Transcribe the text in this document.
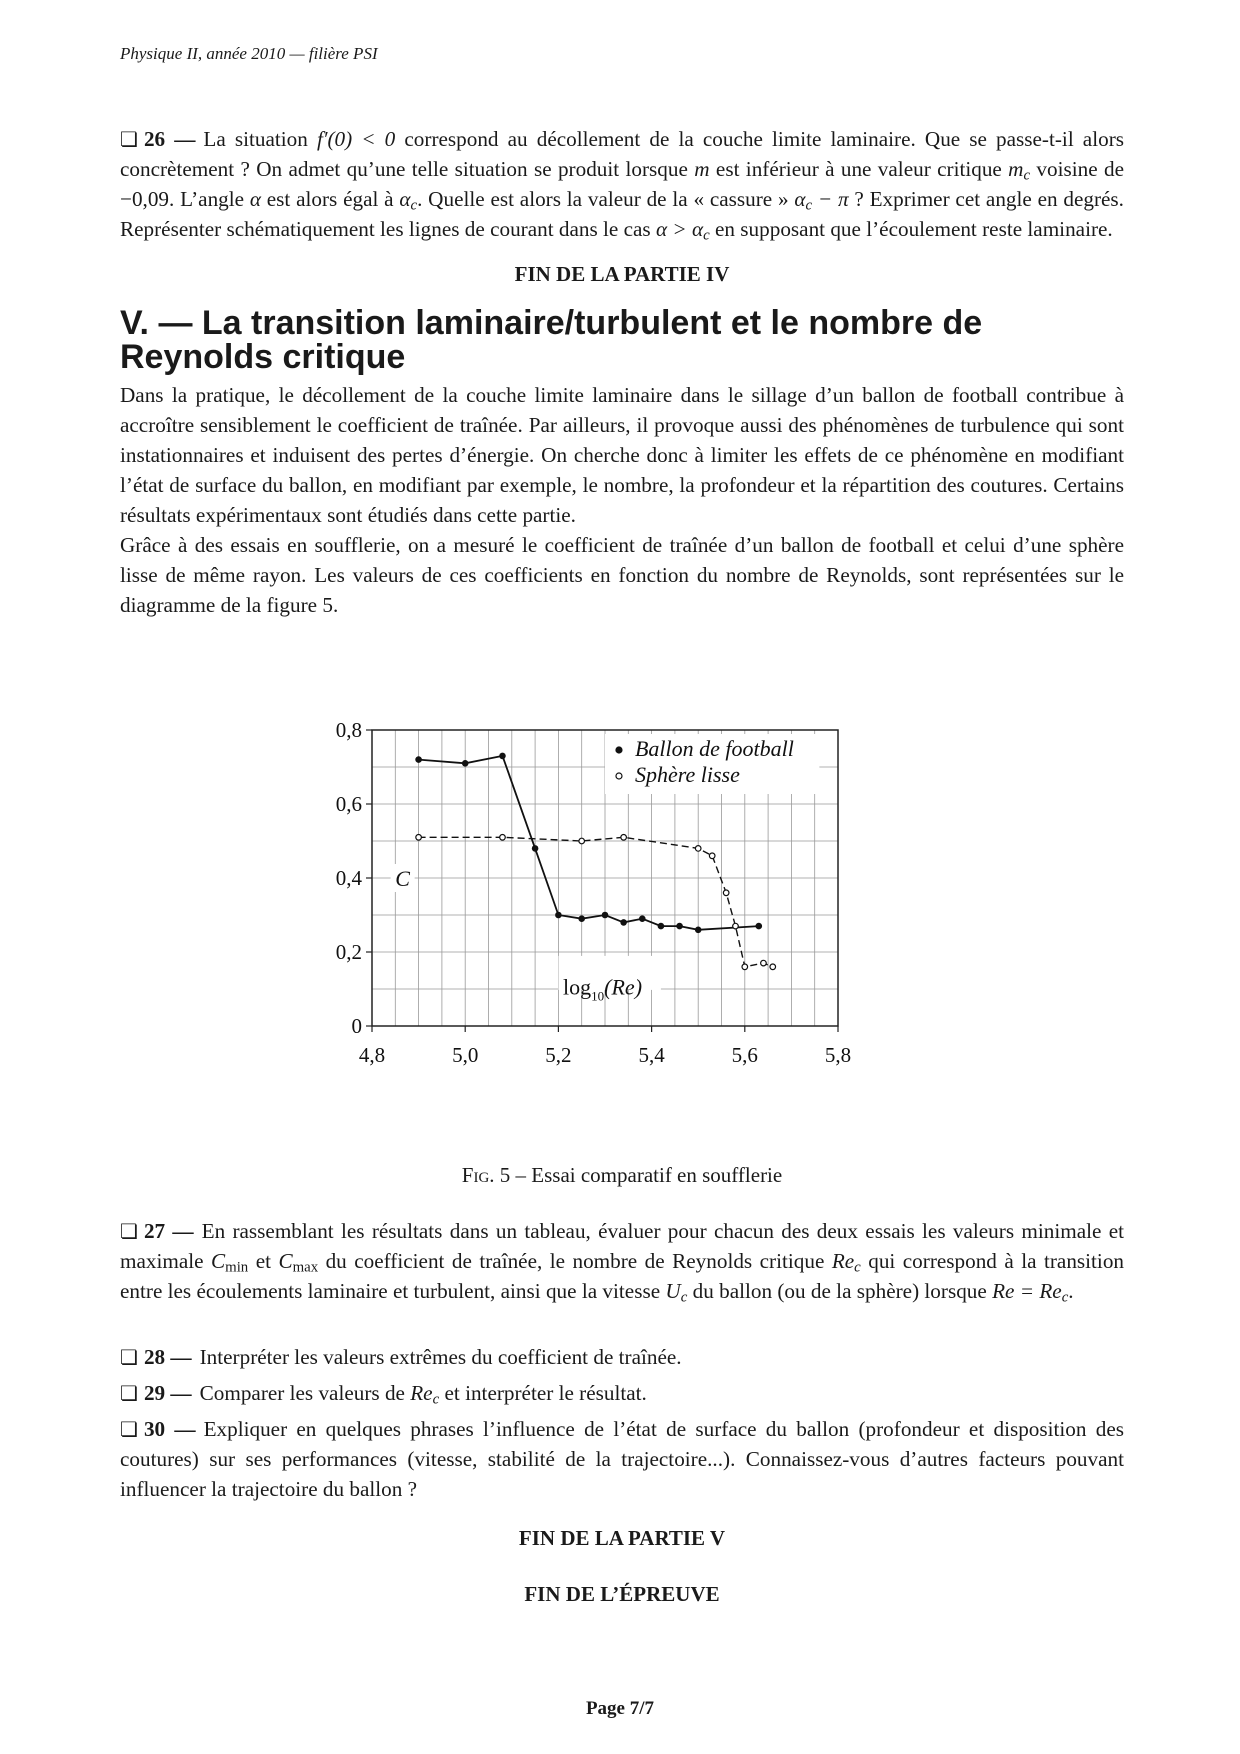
Physique II, année 2010 — filière PSI

❏ 26 — La situation f′(0) < 0 correspond au décollement de la couche limite laminaire. Que se passe-t-il alors concrètement ? On admet qu’une telle situation se produit lorsque m est inférieur à une valeur critique $m_c$ voisine de −0,09. L’angle α est alors égal à $\alpha_c$. Quelle est alors la valeur de la « cassure » $\alpha_c - \pi$ ? Exprimer cet angle en degrés. Représenter schématiquement les lignes de courant dans le cas $\alpha > \alpha_c$ en supposant que l’écoulement reste laminaire.

FIN DE LA PARTIE IV
V. — La transition laminaire/turbulent et le nombre de Reynolds critique

Dans la pratique, le décollement de la couche limite laminaire dans le sillage d’un ballon de football contribue à accroître sensiblement le coefficient de traînée. Par ailleurs, il provoque aussi des phénomènes de turbulence qui sont instationnaires et induisent des pertes d’énergie. On cherche donc à limiter les effets de ce phénomène en modifiant l’état de surface du ballon, en modifiant par exemple, le nombre, la profondeur et la répartition des coutures. Certains résultats expérimentaux sont étudiés dans cette partie.

Grâce à des essais en soufflerie, on a mesuré le coefficient de traînée d’un ballon de football et celui d’une sphère lisse de même rayon. Les valeurs de ces coefficients en fonction du nombre de Reynolds, sont représentées sur le diagramme de la figure 5.

4,8	5,0	5,2	5,4	5,6	5,8
0
0,2
0,4
0,6
0,8
Ballon de football
Sphère lisse
C
$\log_{10}(Re)$
Fig. 5 – Essai comparatif en soufflerie

❏ 27 — En rassemblant les résultats dans un tableau, évaluer pour chacun des deux essais les valeurs minimale et maximale $C_{min}$ et $C_{max}$ du coefficient de traînée, le nombre de Reynolds critique $Re_c$ qui correspond à la transition entre les écoulements laminaire et turbulent, ainsi que la vitesse $U_c$ du ballon (ou de la sphère) lorsque $Re = Re_c$.

❏ 28 — Interpréter les valeurs extrêmes du coefficient de traînée.

❏ 29 — Comparer les valeurs de $Re_c$ et interpréter le résultat.

❏ 30 — Expliquer en quelques phrases l’influence de l’état de surface du ballon (profondeur et disposition des coutures) sur ses performances (vitesse, stabilité de la trajectoire...). Connaissez-vous d’autres facteurs pouvant influencer la trajectoire du ballon ?

FIN DE LA PARTIE V
FIN DE L’ÉPREUVE
Page 7/7
